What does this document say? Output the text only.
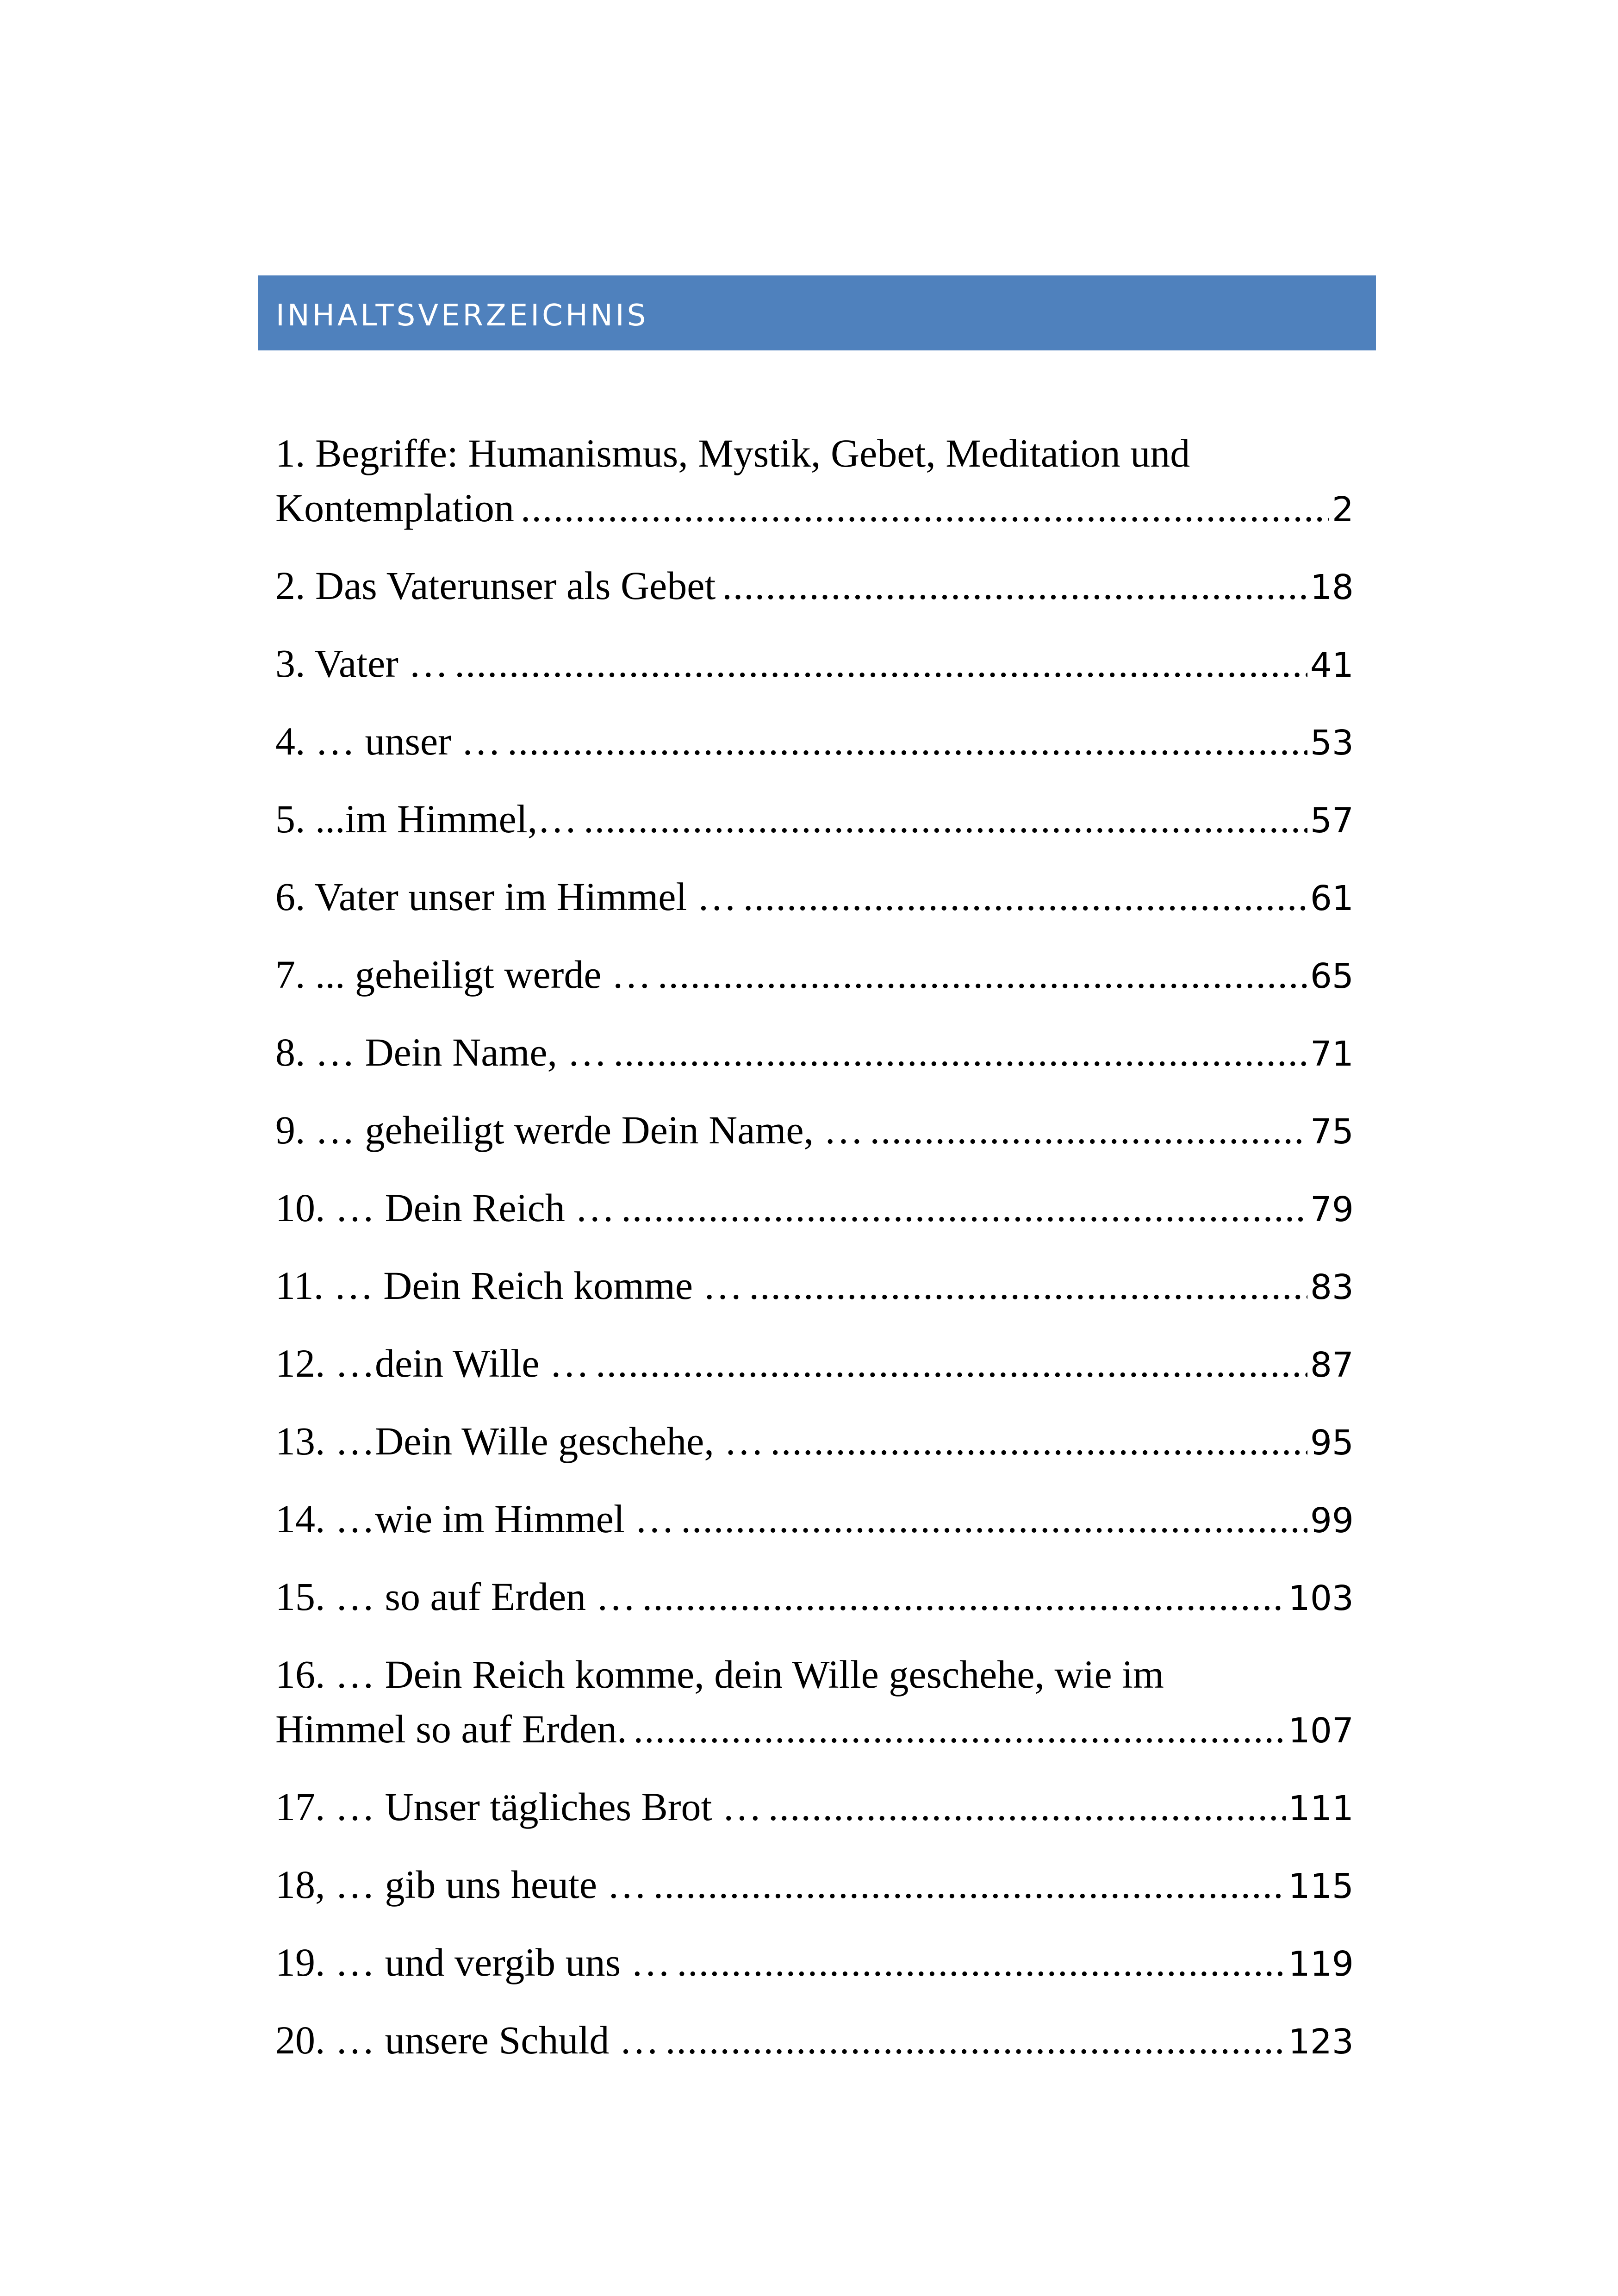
INHALTSVERZEICHNIS
1. Begriffe: Humanismus, Mystik, Gebet, Meditation und
Kontemplation .....	2
2. Das Vaterunser als Gebet .....	18
3. Vater … .....	41
4. … unser … .....	53
5. ...im Himmel,… .....	57
6. Vater unser im Himmel … .....	61
7. ... geheiligt werde … .....	65
8. … Dein Name, … .....	71
9. … geheiligt werde Dein Name, … .....	75
10. … Dein Reich … .....	79
11. … Dein Reich komme … .....	83
12. …dein Wille … .....	87
13. …Dein Wille geschehe, … .....	95
14. …wie im Himmel … .....	99
15. … so auf Erden … .....	103
16. … Dein Reich komme, dein Wille geschehe, wie im
Himmel so auf Erden. .....	107
17. … Unser tägliches Brot … .....	111
18, … gib uns heute … .....	115
19. … und vergib uns … .....	119
20. … unsere Schuld … .....	123
